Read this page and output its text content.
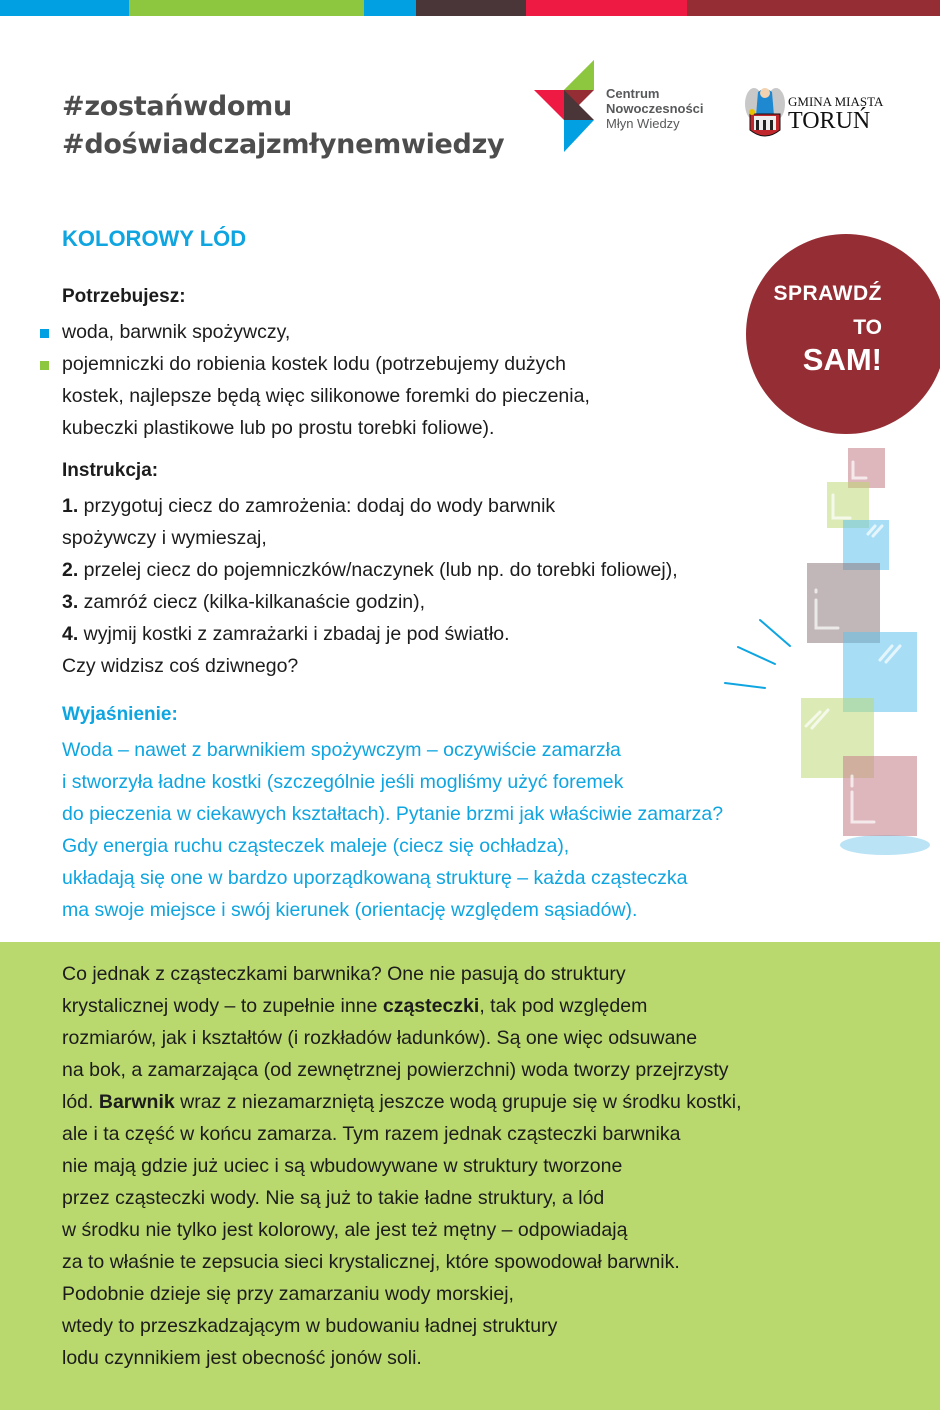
#zostańwdomu
#doświadczajzmłynemwiedzy
Centrum
Nowoczesności
Młyn Wiedzy
GMINA MIASTA
TORUŃ
KOLOROWY LÓD
SPRAWDŹ
TO
SAM!
Potrzebujesz:
woda, barwnik spożywczy,
pojemniczki do robienia kostek lodu (potrzebujemy dużych
kostek, najlepsze będą więc silikonowe foremki do pieczenia,
kubeczki plastikowe lub po prostu torebki foliowe).
Instrukcja:
1. przygotuj ciecz do zamrożenia: dodaj do wody barwnik
spożywczy i wymieszaj,
2. przelej ciecz do pojemniczków/naczynek (lub np. do torebki foliowej),
3. zamróź ciecz (kilka-kilkanaście godzin),
4. wyjmij kostki z zamrażarki i zbadaj je pod światło.
Czy widzisz coś dziwnego?
Wyjaśnienie:
Woda – nawet z barwnikiem spożywczym – oczywiście zamarzła
i stworzyła ładne kostki (szczególnie jeśli mogliśmy użyć foremek
do pieczenia w ciekawych kształtach). Pytanie brzmi jak właściwie zamarza?
Gdy energia ruchu cząsteczek maleje (ciecz się ochładza),
układają się one w bardzo uporządkowaną strukturę – każda cząsteczka
ma swoje miejsce i swój kierunek (orientację względem sąsiadów).
Co jednak z cząsteczkami barwnika? One nie pasują do struktury
krystalicznej wody – to zupełnie inne cząsteczki, tak pod względem
rozmiarów, jak i kształtów (i rozkładów ładunków). Są one więc odsuwane
na bok, a zamarzająca (od zewnętrznej powierzchni) woda tworzy przejrzysty
lód. Barwnik wraz z niezamarzniętą jeszcze wodą grupuje się w środku kostki,
ale i ta część w końcu zamarza. Tym razem jednak cząsteczki barwnika
nie mają gdzie już uciec i są wbudowywane w struktury tworzone
przez cząsteczki wody. Nie są już to takie ładne struktury, a lód
w środku nie tylko jest kolorowy, ale jest też mętny – odpowiadają
za to właśnie te zepsucia sieci krystalicznej, które spowodował barwnik.
Podobnie dzieje się przy zamarzaniu wody morskiej,
wtedy to przeszkadzającym w budowaniu ładnej struktury
lodu czynnikiem jest obecność jonów soli.
